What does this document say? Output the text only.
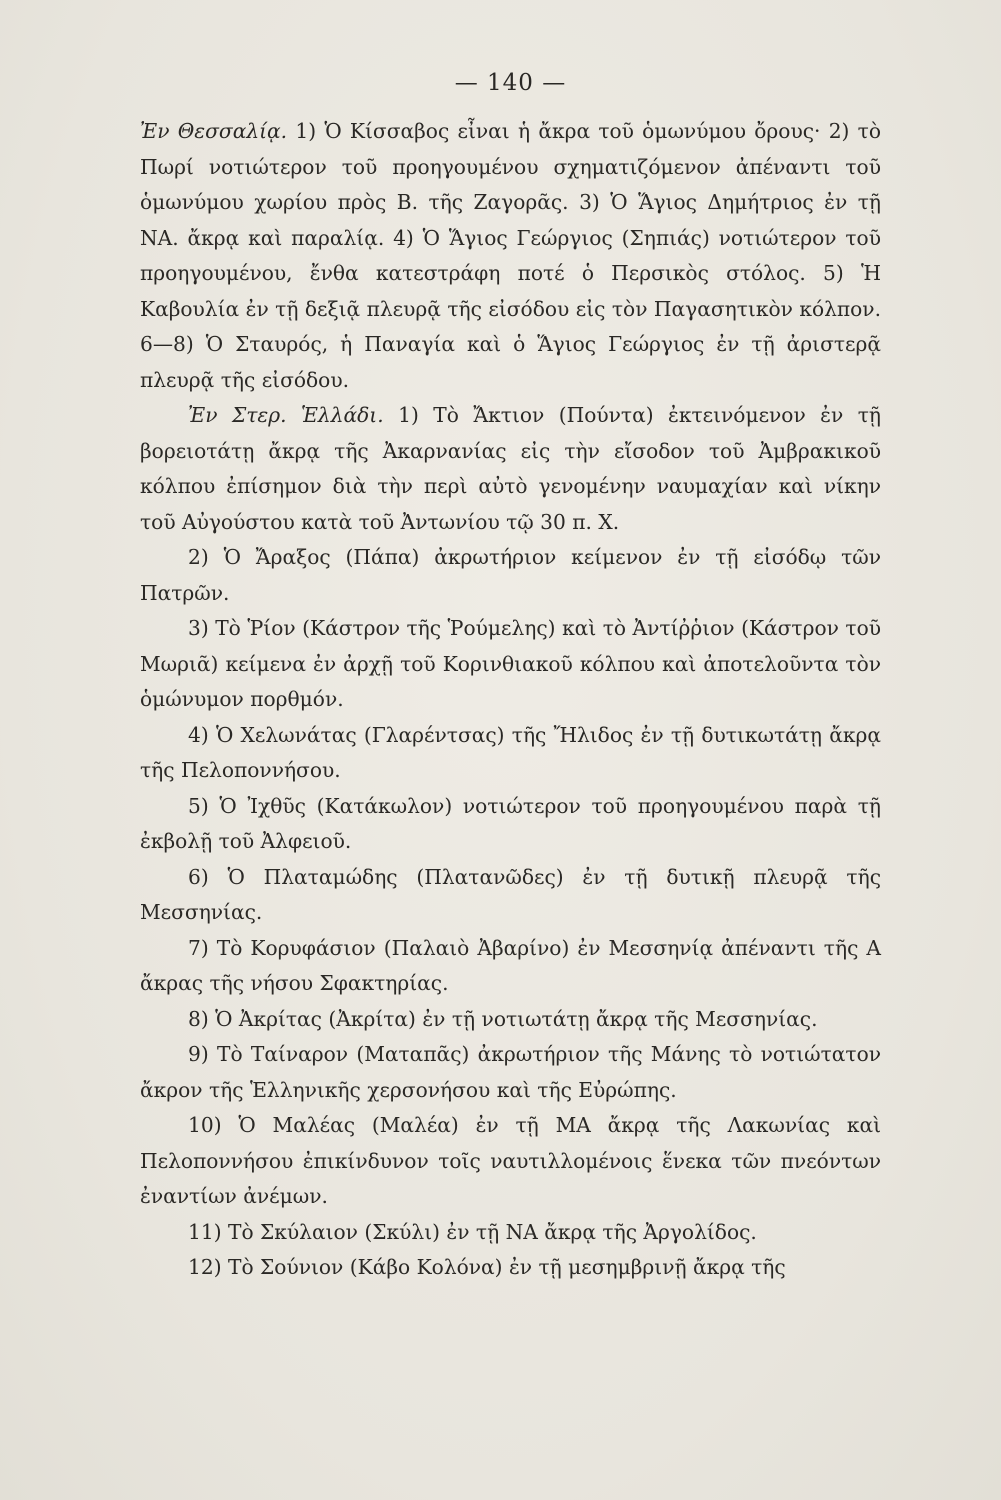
— 140 —

Ἐν Θεσσαλίᾳ. 1) Ὁ Κίσσαβος εἶναι ἡ ἄκρα τοῦ ὁμωνύμου ὄρους· 2) τὸ Πωρί νοτιώτερον τοῦ προηγουμένου σχηματιζόμενον ἀπέναντι τοῦ ὁμωνύμου χωρίου πρὸς Β. τῆς Ζαγορᾶς. 3) Ὁ Ἅγιος Δημήτριος ἐν τῇ ΝΑ. ἄκρᾳ καὶ παραλίᾳ. 4) Ὁ Ἅγιος Γεώργιος (Σηπιάς) νοτιώτερον τοῦ προηγουμένου, ἔνθα κατεστράφη ποτέ ὁ Περσικὸς στόλος. 5) Ἡ Καβουλία ἐν τῇ δεξιᾷ πλευρᾷ τῆς εἰσόδου εἰς τὸν Παγασητικὸν κόλπον. 6—8) Ὁ Σταυρός, ἡ Παναγία καὶ ὁ Ἅγιος Γεώργιος ἐν τῇ ἀριστερᾷ πλευρᾷ τῆς εἰσόδου.

Ἐν Στερ. Ἑλλάδι. 1) Τὸ Ἄκτιον (Πούντα) ἐκτεινόμενον ἐν τῇ βορειοτάτῃ ἄκρᾳ τῆς Ἀκαρνανίας εἰς τὴν εἴσοδον τοῦ Ἀμβρακικοῦ κόλπου ἐπίσημον διὰ τὴν περὶ αὐτὸ γενομένην ναυμαχίαν καὶ νίκην τοῦ Αὐγούστου κατὰ τοῦ Ἀντωνίου τῷ 30 π. Χ.

2) Ὁ Ἄραξος (Πάπα) ἀκρωτήριον κείμενον ἐν τῇ εἰσόδῳ τῶν Πατρῶν.

3) Τὸ Ῥίον (Κάστρον τῆς Ῥούμελης) καὶ τὸ Ἀντίῤῥιον (Κάστρον τοῦ Μωριᾶ) κείμενα ἐν ἀρχῇ τοῦ Κορινθιακοῦ κόλπου καὶ ἀποτελοῦντα τὸν ὁμώνυμον πορθμόν.

4) Ὁ Χελωνάτας (Γλαρέντσας) τῆς Ἤλιδος ἐν τῇ δυτικωτάτῃ ἄκρᾳ τῆς Πελοποννήσου.

5) Ὁ Ἰχθῦς (Κατάκωλον) νοτιώτερον τοῦ προηγουμένου παρὰ τῇ ἐκβολῇ τοῦ Ἀλφειοῦ.

6) Ὁ Πλαταμώδης (Πλατανῶδες) ἐν τῇ δυτικῇ πλευρᾷ τῆς Μεσσηνίας.

7) Τὸ Κορυφάσιον (Παλαιὸ Ἀβαρίνο) ἐν Μεσσηνίᾳ ἀπέναντι τῆς Α ἄκρας τῆς νήσου Σφακτηρίας.

8) Ὁ Ἀκρίτας (Ἀκρίτα) ἐν τῇ νοτιωτάτῃ ἄκρᾳ τῆς Μεσσηνίας.

9) Τὸ Ταίναρον (Ματαπᾶς) ἀκρωτήριον τῆς Μάνης τὸ νοτιώτατον ἄκρον τῆς Ἑλληνικῆς χερσονήσου καὶ τῆς Εὐρώπης.

10) Ὁ Μαλέας (Μαλέα) ἐν τῇ ΜΑ ἄκρᾳ τῆς Λακωνίας καὶ Πελοποννήσου ἐπικίνδυνον τοῖς ναυτιλλομένοις ἕνεκα τῶν πνεόντων ἐναντίων ἀνέμων.

11) Τὸ Σκύλαιον (Σκύλι) ἐν τῇ ΝΑ ἄκρᾳ τῆς Ἀργολίδος.

12) Τὸ Σούνιον (Κάβο Κολόνα) ἐν τῇ μεσημβρινῇ ἄκρᾳ τῆς
